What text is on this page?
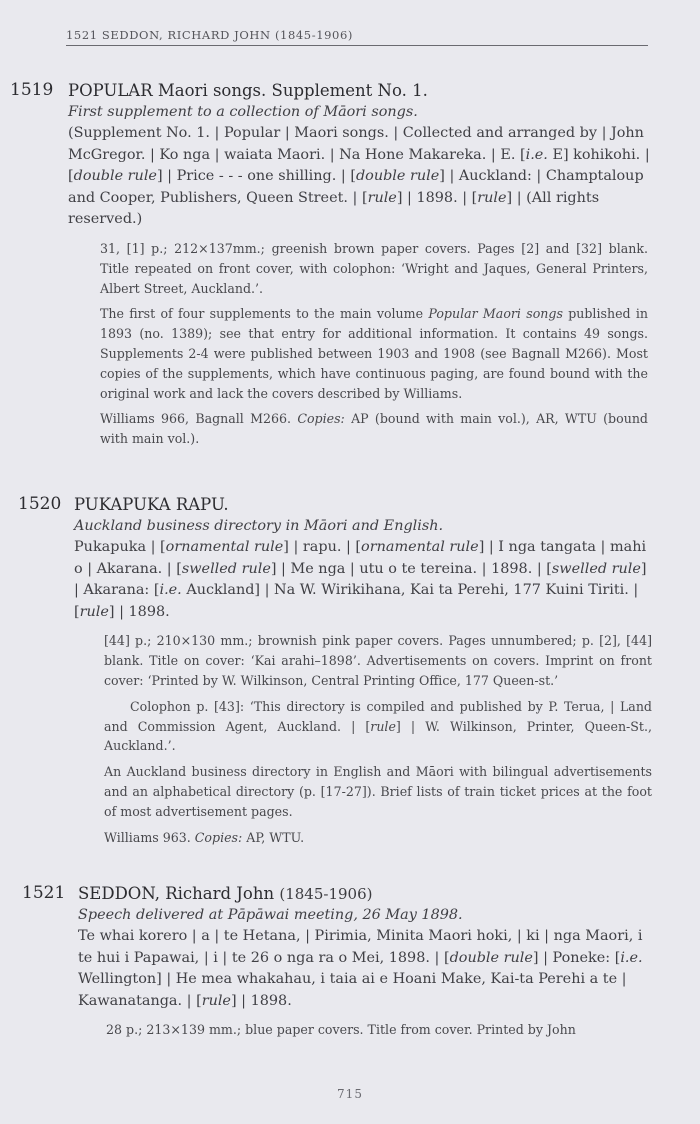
1521 SEDDON, RICHARD JOHN (1845-1906)
1519 POPULAR Maori songs. Supplement No. 1.
First supplement to a collection of Māori songs.
(Supplement No. 1. | Popular | Maori songs. | Collected and arranged by | John McGregor. | Ko nga | waiata Maori. | Na Hone Makareka. | E. [i.e. E] kohikohi. | [double rule] | Price - - - one shilling. | [double rule] | Auckland: | Champtaloup and Cooper, Publishers, Queen Street. | [rule] | 1898. | [rule] | (All rights reserved.)

31, [1] p.; 212×137mm.; greenish brown paper covers. Pages [2] and [32] blank. Title repeated on front cover, with colophon: ‘Wright and Jaques, General Printers, Albert Street, Auckland.’.

The first of four supplements to the main volume Popular Maori songs published in 1893 (no. 1389); see that entry for additional information. It contains 49 songs. Supplements 2-4 were published between 1903 and 1908 (see Bagnall M266). Most copies of the supplements, which have continuous paging, are found bound with the original work and lack the covers described by Williams.

Williams 966, Bagnall M266. Copies: AP (bound with main vol.), AR, WTU (bound with main vol.).

1520 PUKAPUKA RAPU.
Auckland business directory in Māori and English.
Pukapuka | [ornamental rule] | rapu. | [ornamental rule] | I nga tangata | mahi o | Akarana. | [swelled rule] | Me nga | utu o te tereina. | 1898. | [swelled rule] | Akarana: [i.e. Auckland] | Na W. Wirikihana, Kai ta Perehi, 177 Kuini Tiriti. | [rule] | 1898.

[44] p.; 210×130 mm.; brownish pink paper covers. Pages unnumbered; p. [2], [44] blank. Title on cover: ‘Kai arahi–1898’. Advertisements on covers. Imprint on front cover: ‘Printed by W. Wilkinson, Central Printing Office, 177 Queen-st.’

Colophon p. [43]: ‘This directory is compiled and published by P. Terua, | Land and Commission Agent, Auckland. | [rule] | W. Wilkinson, Printer, Queen-St., Auckland.’.

An Auckland business directory in English and Māori with bilingual advertisements and an alphabetical directory (p. [17-27]). Brief lists of train ticket prices at the foot of most advertisement pages.

Williams 963. Copies: AP, WTU.

1521 SEDDON, Richard John (1845-1906)
Speech delivered at Pāpāwai meeting, 26 May 1898.
Te whai korero | a | te Hetana, | Pirimia, Minita Maori hoki, | ki | nga Maori, i te hui i Papawai, | i | te 26 o nga ra o Mei, 1898. | [double rule] | Poneke: [i.e. Wellington] | He mea whakahau, i taia ai e Hoani Make, Kai-ta Perehi a te | Kawanatanga. | [rule] | 1898.

28 p.; 213×139 mm.; blue paper covers. Title from cover. Printed by John

715
